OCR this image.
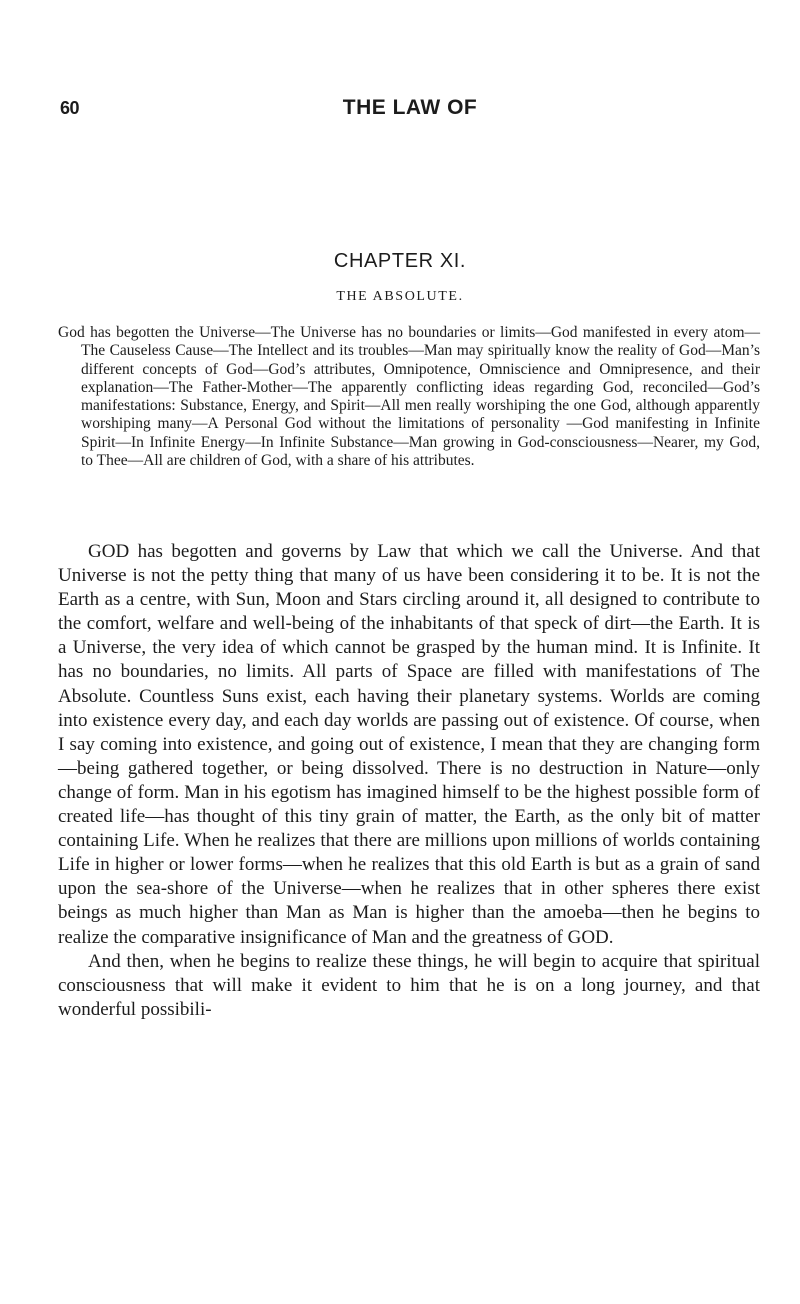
60	THE LAW OF
CHAPTER XI.
THE ABSOLUTE.
God has begotten the Universe—The Universe has no boundaries or limits—God manifested in every atom—The Causeless Cause—The Intellect and its troubles—Man may spiritually know the reality of God—Man’s different concepts of God—God’s attributes, Omnipotence, Omniscience and Omnipresence, and their explanation—The Father-Mother—The apparently conflicting ideas regarding God, reconciled—God’s manifestations: Substance, Energy, and Spirit—All men really worshiping the one God, although apparently worshiping many—A Personal God without the limitations of personality —God manifesting in Infinite Spirit—In Infinite Energy—In Infinite Substance—Man growing in God-consciousness—Nearer, my God, to Thee—All are children of God, with a share of his attributes.

GOD has begotten and governs by Law that which we call the Universe. And that Universe is not the petty thing that many of us have been considering it to be. It is not the Earth as a centre, with Sun, Moon and Stars circling around it, all designed to contribute to the comfort, welfare and well-being of the inhabitants of that speck of dirt—the Earth. It is a Universe, the very idea of which cannot be grasped by the human mind. It is Infinite. It has no boundaries, no limits. All parts of Space are filled with manifestations of The Absolute. Countless Suns exist, each having their planetary systems. Worlds are coming into existence every day, and each day worlds are passing out of existence. Of course, when I say coming into existence, and going out of existence, I mean that they are changing form—being gathered together, or being dissolved. There is no destruction in Nature—only change of form. Man in his egotism has imagined himself to be the highest possible form of created life—has thought of this tiny grain of matter, the Earth, as the only bit of matter containing Life. When he realizes that there are millions upon millions of worlds containing Life in higher or lower forms—when he realizes that this old Earth is but as a grain of sand upon the sea-shore of the Universe—when he realizes that in other spheres there exist beings as much higher than Man as Man is higher than the amoeba—then he begins to realize the comparative insignificance of Man and the greatness of GOD.

And then, when he begins to realize these things, he will begin to acquire that spiritual consciousness that will make it evident to him that he is on a long journey, and that wonderful possibili-
